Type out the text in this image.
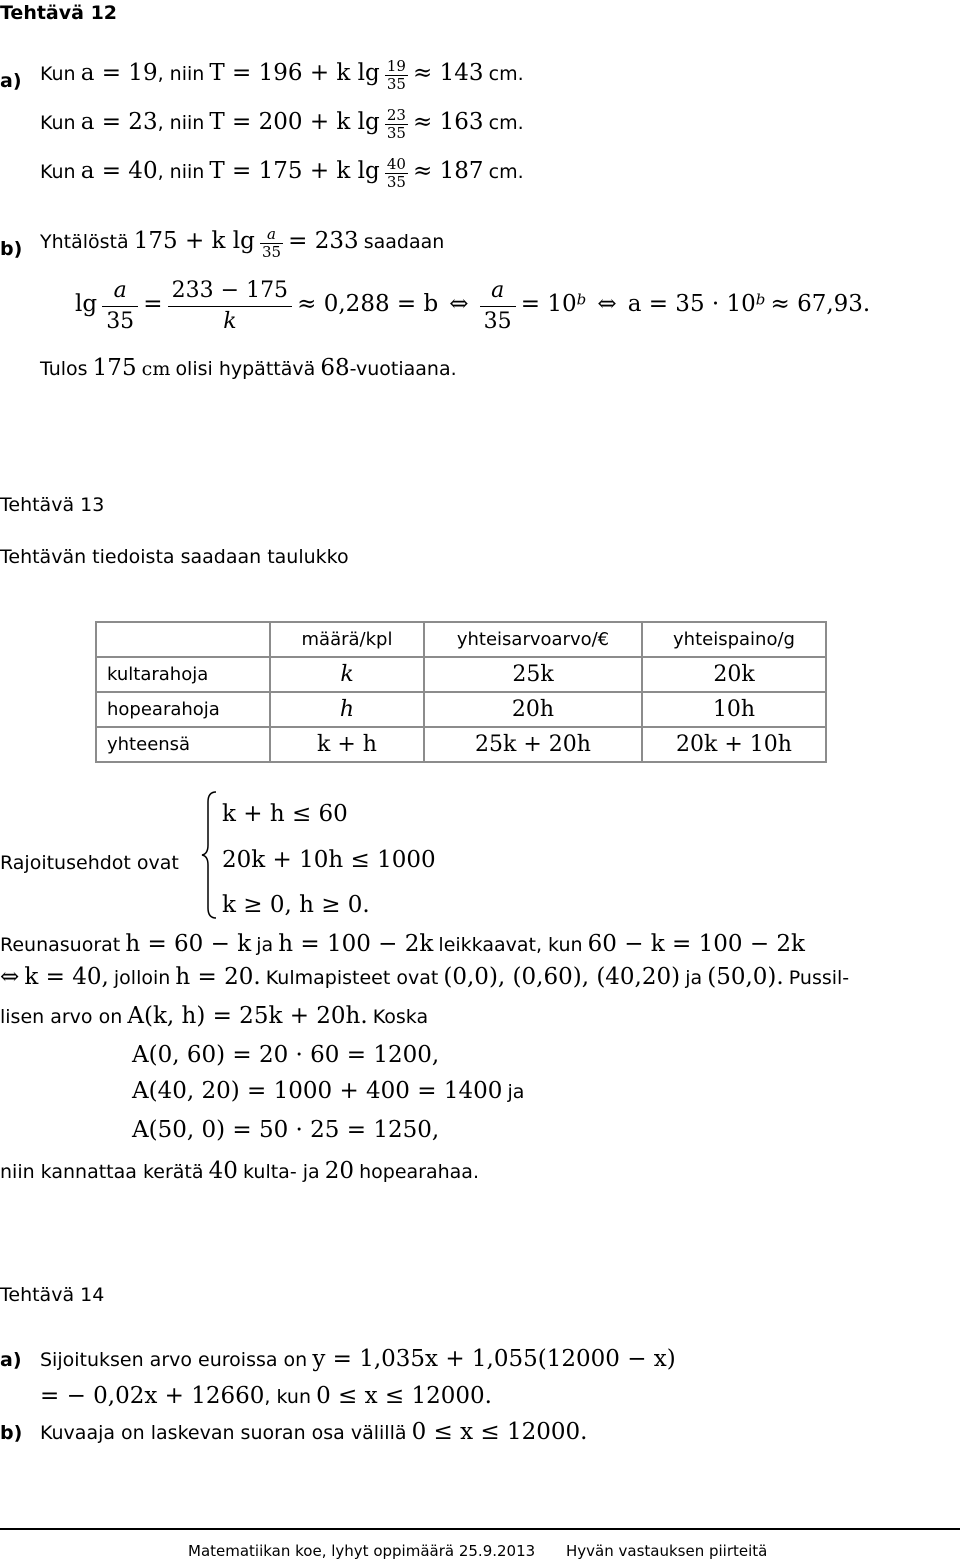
Tehtävä 12
a) Kun a = 19, niin T = 196 + k $\lg \frac{19}{35} \approx 143$ cm.
Kun a = 23, niin T = 200 + k $\lg \frac{23}{35} \approx 163$ cm.
Kun a = 40, niin T = 175 + k $\lg \frac{40}{35} \approx 187$ cm.
b) Yhtälöstä 175 + k $\lg \frac{a}{35} = 233$ saadaan
$\lg \frac{a}{35} = \frac{233 - 175}{k} \approx 0,288 = b$ ⇔ $\frac{a}{35} = 10^b$ ⇔ $a = 35 \cdot 10^b \approx 67,93$.
Tulos 175 cm olisi hypättävä 68-vuotiaana.
Tehtävä 13
Tehtävän tiedoista saadaan taulukko
	määrä/kpl	yhteisarvoarvo/€	yhteispaino/g
kultarahoja	k	25k	20k
hopearahoja	h	20h	10h
yhteensä	k + h	25k + 20h	20k + 10h
Rajoitusehdot ovat
k + h ≤ 60
20k + 10h ≤ 1000
k ≥ 0, h ≥ 0.
Reunasuorat h = 60 − k ja h = 100 − 2k leikkaavat, kun 60 − k = 100 − 2k
⇔ k = 40, jolloin h = 20. Kulmapisteet ovat (0,0), (0,60), (40,20) ja (50,0). Pussil-
lisen arvo on A(k, h) = 25k + 20h. Koska
A(0, 60) = 20 · 60 = 1200,
A(40, 20) = 1000 + 400 = 1400 ja
A(50, 0) = 50 · 25 = 1250,
niin kannattaa kerätä 40 kulta- ja 20 hopearahaa.
Tehtävä 14
a) Sijoituksen arvo euroissa on y = 1,035x + 1,055(12000 − x)
= − 0,02x + 12660, kun 0 ≤ x ≤ 12000.
b) Kuvaaja on laskevan suoran osa välillä 0 ≤ x ≤ 12000.
Matematiikan koe, lyhyt oppimäärä 25.9.2013 Hyvän vastauksen piirteitä
